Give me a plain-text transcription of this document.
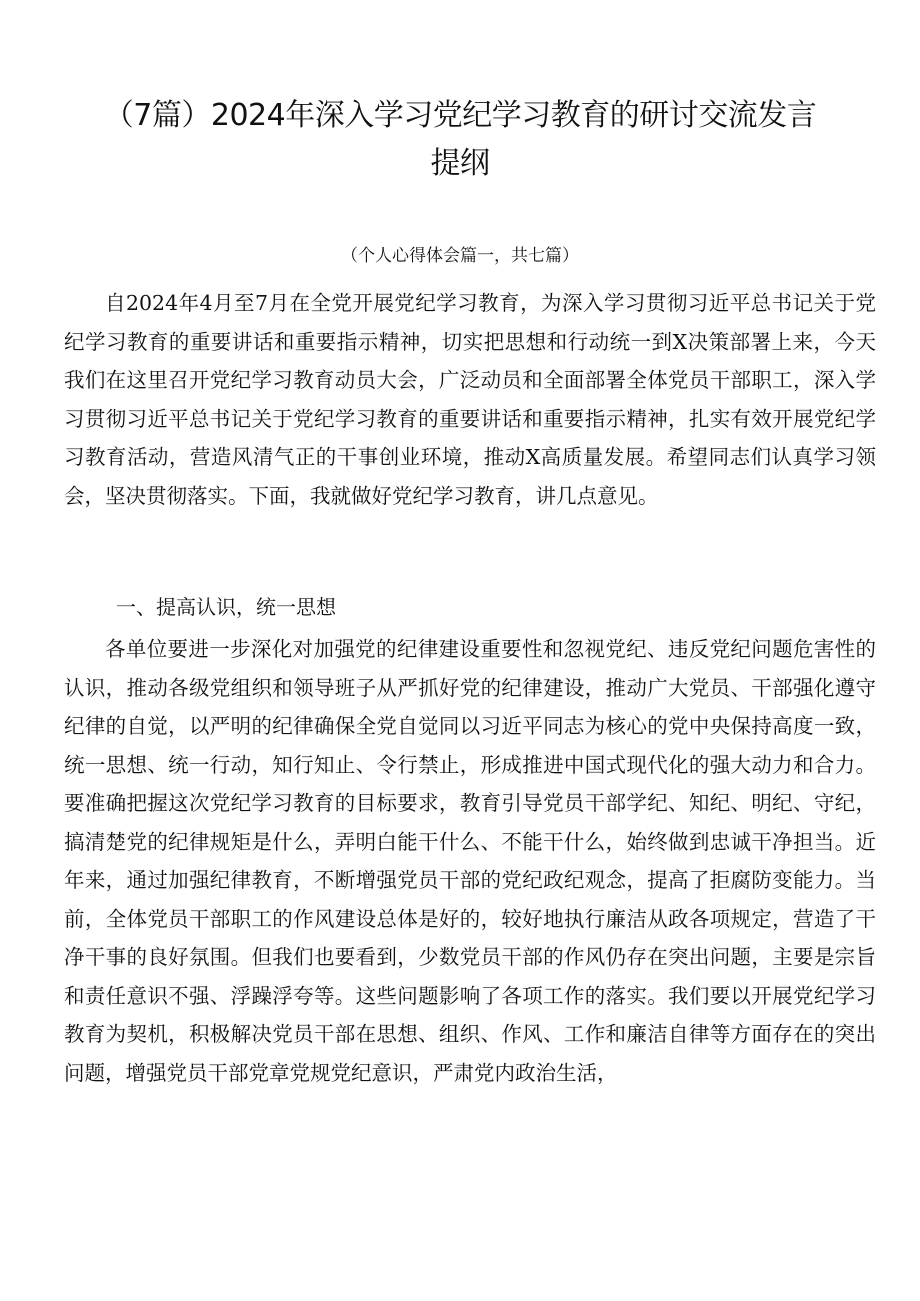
（7篇）2024年深入学习党纪学习教育的研讨交流发言
提纲

（个人心得体会篇一，共七篇）

自2024年4月至7月在全党开展党纪学习教育，为深入学习贯彻习近平总书记关于党纪学习教育的重要讲话和重要指示精神，切实把思想和行动统一到X决策部署上来，今天我们在这里召开党纪学习教育动员大会，广泛动员和全面部署全体党员干部职工，深入学习贯彻习近平总书记关于党纪学习教育的重要讲话和重要指示精神，扎实有效开展党纪学习教育活动，营造风清气正的干事创业环境，推动X高质量发展。希望同志们认真学习领会，坚决贯彻落实。下面，我就做好党纪学习教育，讲几点意见。

一、提高认识，统一思想

各单位要进一步深化对加强党的纪律建设重要性和忽视党纪、违反党纪问题危害性的认识，推动各级党组织和领导班子从严抓好党的纪律建设，推动广大党员、干部强化遵守纪律的自觉，以严明的纪律确保全党自觉同以习近平同志为核心的党中央保持高度一致，统一思想、统一行动，知行知止、令行禁止，形成推进中国式现代化的强大动力和合力。要准确把握这次党纪学习教育的目标要求，教育引导党员干部学纪、知纪、明纪、守纪，搞清楚党的纪律规矩是什么，弄明白能干什么、不能干什么，始终做到忠诚干净担当。近年来，通过加强纪律教育，不断增强党员干部的党纪政纪观念，提高了拒腐防变能力。当前，全体党员干部职工的作风建设总体是好的，较好地执行廉洁从政各项规定，营造了干净干事的良好氛围。但我们也要看到，少数党员干部的作风仍存在突出问题，主要是宗旨和责任意识不强、浮躁浮夸等。这些问题影响了各项工作的落实。我们要以开展党纪学习教育为契机，积极解决党员干部在思想、组织、作风、工作和廉洁自律等方面存在的突出问题，增强党员干部党章党规党纪意识，严肃党内政治生活，
